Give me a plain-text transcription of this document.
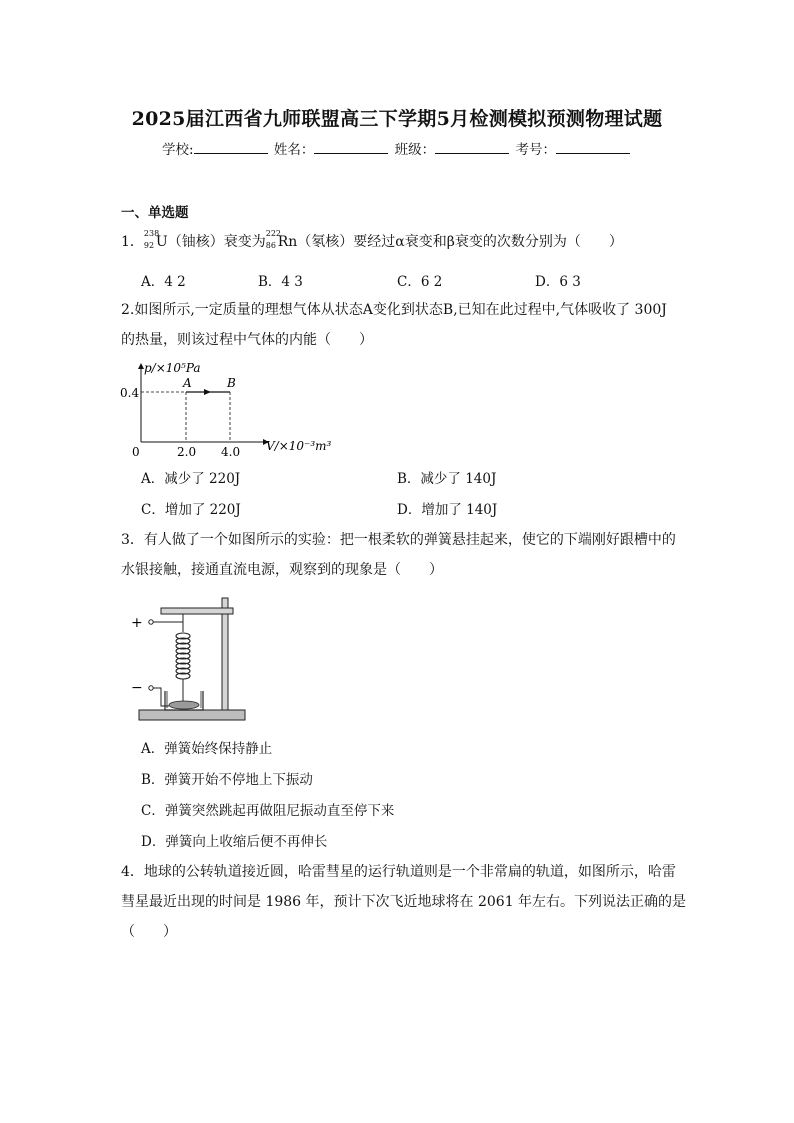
2025届江西省九师联盟高三下学期5月检测模拟预测物理试题
学校:	姓名：	班级：	考号：
一、单选题
1．
238
92 U（铀核）衰变为
222
86 Rn（氡核）要经过α衰变和β衰变的次数分别为（　　）
A．4 2	B．4 3	C．6 2	D．6 3
2.如图所示,一定质量的理想气体从状态A变化到状态B,已知在此过程中,气体吸收了 300J
的热量，则该过程中气体的内能（　　）
p/×10⁵Pa
0.4
0	2.0 4.0 V/×10⁻³m³
A	B
A．减少了 220J	B．减少了 140J
C．增加了 220J	D．增加了 140J
3．有人做了一个如图所示的实验：把一根柔软的弹簧悬挂起来，使它的下端刚好跟槽中的
水银接触，接通直流电源，观察到的现象是（　　）
+
−
A．弹簧始终保持静止
B．弹簧开始不停地上下振动
C．弹簧突然跳起再做阻尼振动直至停下来
D．弹簧向上收缩后便不再伸长
4．地球的公转轨道接近圆，哈雷彗星的运行轨道则是一个非常扁的轨道，如图所示，哈雷
彗星最近出现的时间是 1986 年，预计下次飞近地球将在 2061 年左右。下列说法正确的是
（　　）
